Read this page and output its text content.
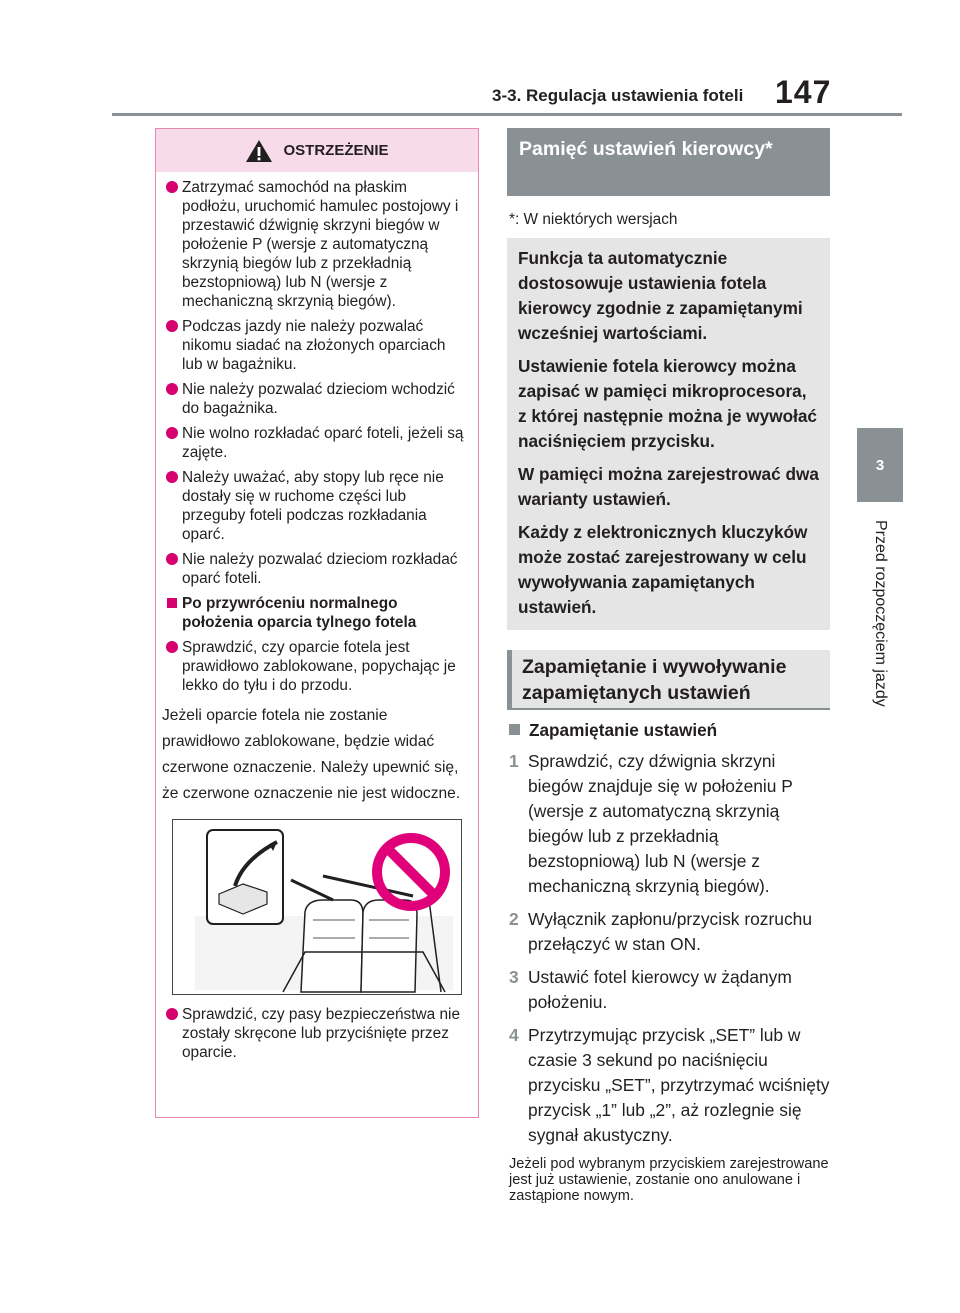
3-3. Regulacja ustawienia foteli 147
3
Przed rozpoczęciem jazdy
OSTRZEŻENIE
Zatrzymać samochód na płaskim podłożu, uruchomić hamulec postojowy i przestawić dźwignię skrzyni biegów w położenie P (wersje z automatyczną skrzynią biegów lub z przekładnią bezstopniową) lub N (wersje z mechaniczną skrzynią biegów).
Podczas jazdy nie należy pozwalać nikomu siadać na złożonych oparciach lub w bagażniku.
Nie należy pozwalać dzieciom wchodzić do bagażnika.
Nie wolno rozkładać oparć foteli, jeżeli są zajęte.
Należy uważać, aby stopy lub ręce nie dostały się w ruchome części lub przeguby foteli podczas rozkładania oparć.
Nie należy pozwalać dzieciom rozkładać oparć foteli.
Po przywróceniu normalnego położenia oparcia tylnego fotela
Sprawdzić, czy oparcie fotela jest prawidłowo zablokowane, popychając je lekko do tyłu i do przodu.
Jeżeli oparcie fotela nie zostanie prawidłowo zablokowane, będzie widać czerwone oznaczenie. Należy upewnić się, że czerwone oznaczenie nie jest widoczne.
Sprawdzić, czy pasy bezpieczeństwa nie zostały skręcone lub przyciśnięte przez oparcie.
Pamięć ustawień kierowcy*
*: W niektórych wersjach

Funkcja ta automatycznie dostosowuje ustawienia fotela kierowcy zgodnie z zapamiętanymi wcześniej wartościami.

Ustawienie fotela kierowcy można zapisać w pamięci mikroprocesora, z której następnie można je wywołać naciśnięciem przycisku.

W pamięci można zarejestrować dwa warianty ustawień.

Każdy z elektronicznych kluczyków może zostać zarejestrowany w celu wywoływania zapamiętanych ustawień.

Zapamiętanie i wywoływanie zapamiętanych ustawień
Zapamiętanie ustawień
1 Sprawdzić, czy dźwignia skrzyni biegów znajduje się w położeniu P (wersje z automatyczną skrzynią biegów lub z przekładnią bezstopniową) lub N (wersje z mechaniczną skrzynią biegów).
2 Wyłącznik zapłonu/przycisk rozruchu przełączyć w stan ON.
3 Ustawić fotel kierowcy w żądanym położeniu.
4 Przytrzymując przycisk „SET” lub w czasie 3 sekund po naciśnięciu przycisku „SET”, przytrzymać wciśnięty przycisk „1” lub „2”, aż rozlegnie się sygnał akustyczny.
Jeżeli pod wybranym przyciskiem zarejestrowane jest już ustawienie, zostanie ono anulowane i zastąpione nowym.
